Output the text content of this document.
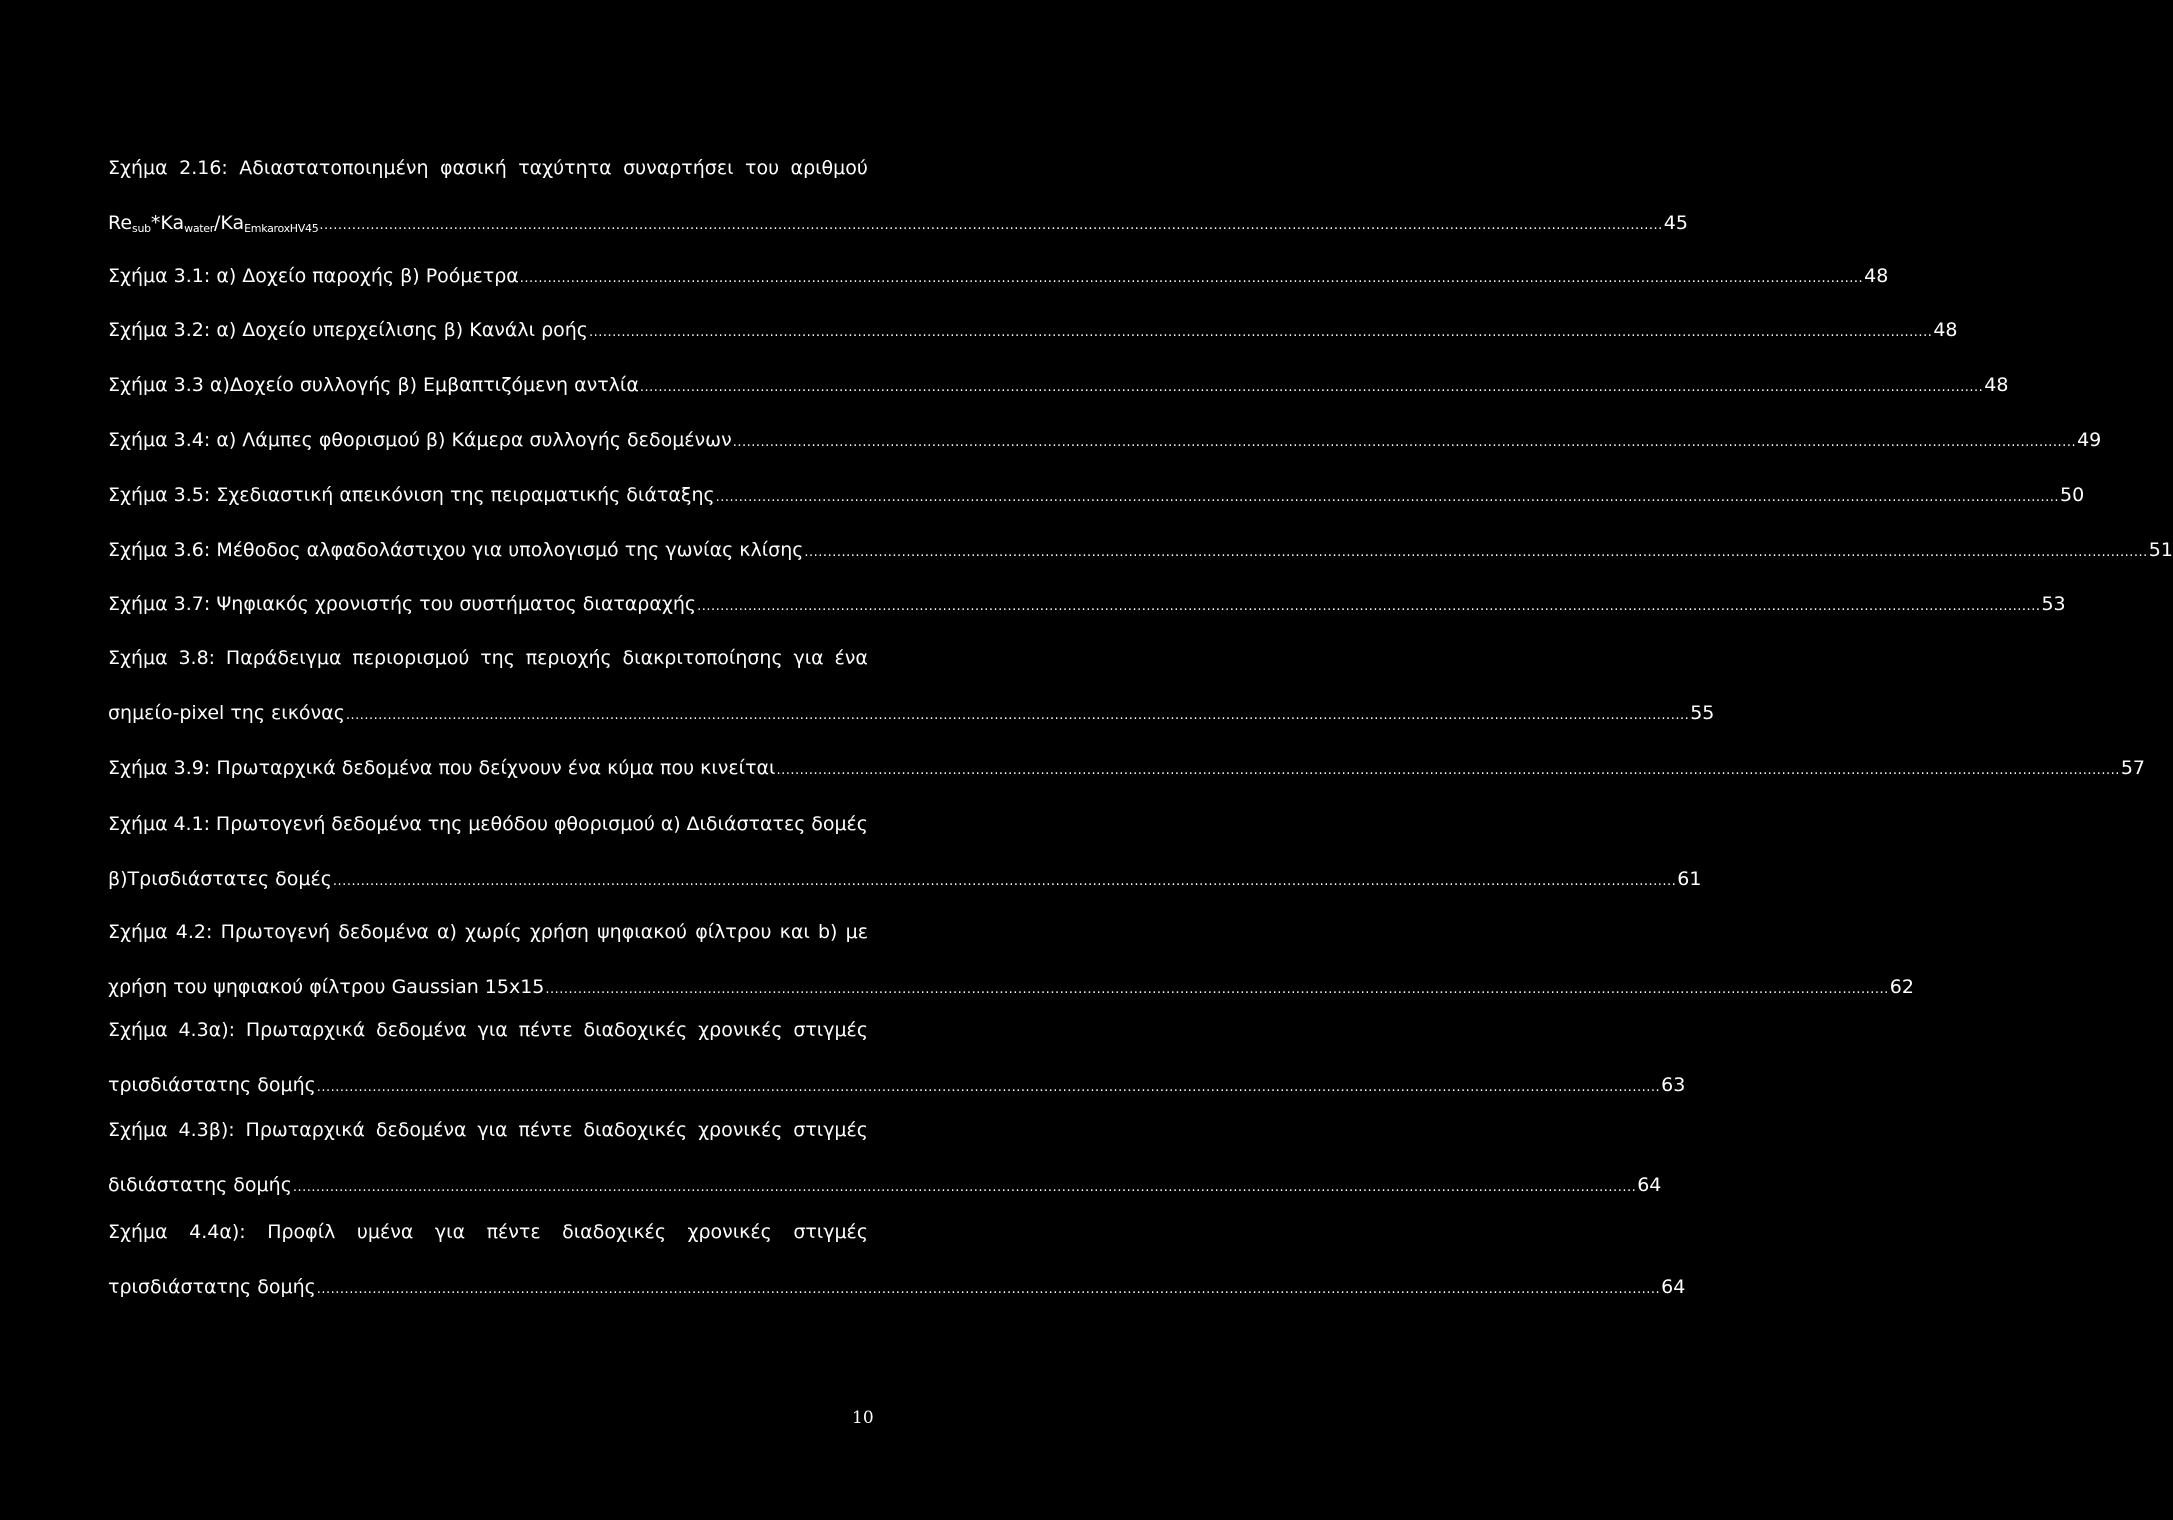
Σχήμα 2.16: Αδιαστατοποιημένη φασική ταχύτητα συναρτήσει του αριθμού
$Re_{sub}*Ka_{water}/Ka_{EmkaroxHV45}$ .................................................................................................................................................................................................................................................................................................. 45
Σχήμα 3.1: α) Δοχείο παροχής β) Ροόμετρα .................................................................................................................................................................................................................................................................................................. 48
Σχήμα 3.2: α) Δοχείο υπερχείλισης β) Κανάλι ροής .................................................................................................................................................................................................................................................................................................. 48
Σχήμα 3.3 α)Δοχείο συλλογής β) Εμβαπτιζόμενη αντλία .................................................................................................................................................................................................................................................................................................. 48
Σχήμα 3.4: α) Λάμπες φθορισμού β) Κάμερα συλλογής δεδομένων .................................................................................................................................................................................................................................................................................................. 49
Σχήμα 3.5: Σχεδιαστική απεικόνιση της πειραματικής διάταξης .................................................................................................................................................................................................................................................................................................. 50
Σχήμα 3.6: Μέθοδος αλφαδολάστιχου για υπολογισμό της γωνίας κλίσης .................................................................................................................................................................................................................................................................................................. 51
Σχήμα 3.7: Ψηφιακός χρονιστής του συστήματος διαταραχής .................................................................................................................................................................................................................................................................................................. 53
Σχήμα 3.8: Παράδειγμα περιορισμού της περιοχής διακριτοποίησης για ένα
σημείο-pixel της εικόνας .................................................................................................................................................................................................................................................................................................. 55
Σχήμα 3.9: Πρωταρχικά δεδομένα που δείχνουν ένα κύμα που κινείται .................................................................................................................................................................................................................................................................................................. 57
Σχήμα 4.1: Πρωτογενή δεδομένα της μεθόδου φθορισμού α) Διδιάστατες δομές
β)Τρισδιάστατες δομές .................................................................................................................................................................................................................................................................................................. 61
Σχήμα 4.2: Πρωτογενή δεδομένα α) χωρίς χρήση ψηφιακού φίλτρου και b) με
χρήση του ψηφιακού φίλτρου Gaussian 15x15 .................................................................................................................................................................................................................................................................................................. 62
Σχήμα 4.3α): Πρωταρχικά δεδομένα για πέντε διαδοχικές χρονικές στιγμές
τρισδιάστατης δομής .................................................................................................................................................................................................................................................................................................. 63
Σχήμα 4.3β): Πρωταρχικά δεδομένα για πέντε διαδοχικές χρονικές στιγμές
διδιάστατης δομής .................................................................................................................................................................................................................................................................................................. 64
Σχήμα 4.4α): Προφίλ υμένα για πέντε διαδοχικές χρονικές στιγμές
τρισδιάστατης δομής .................................................................................................................................................................................................................................................................................................. 64
10
